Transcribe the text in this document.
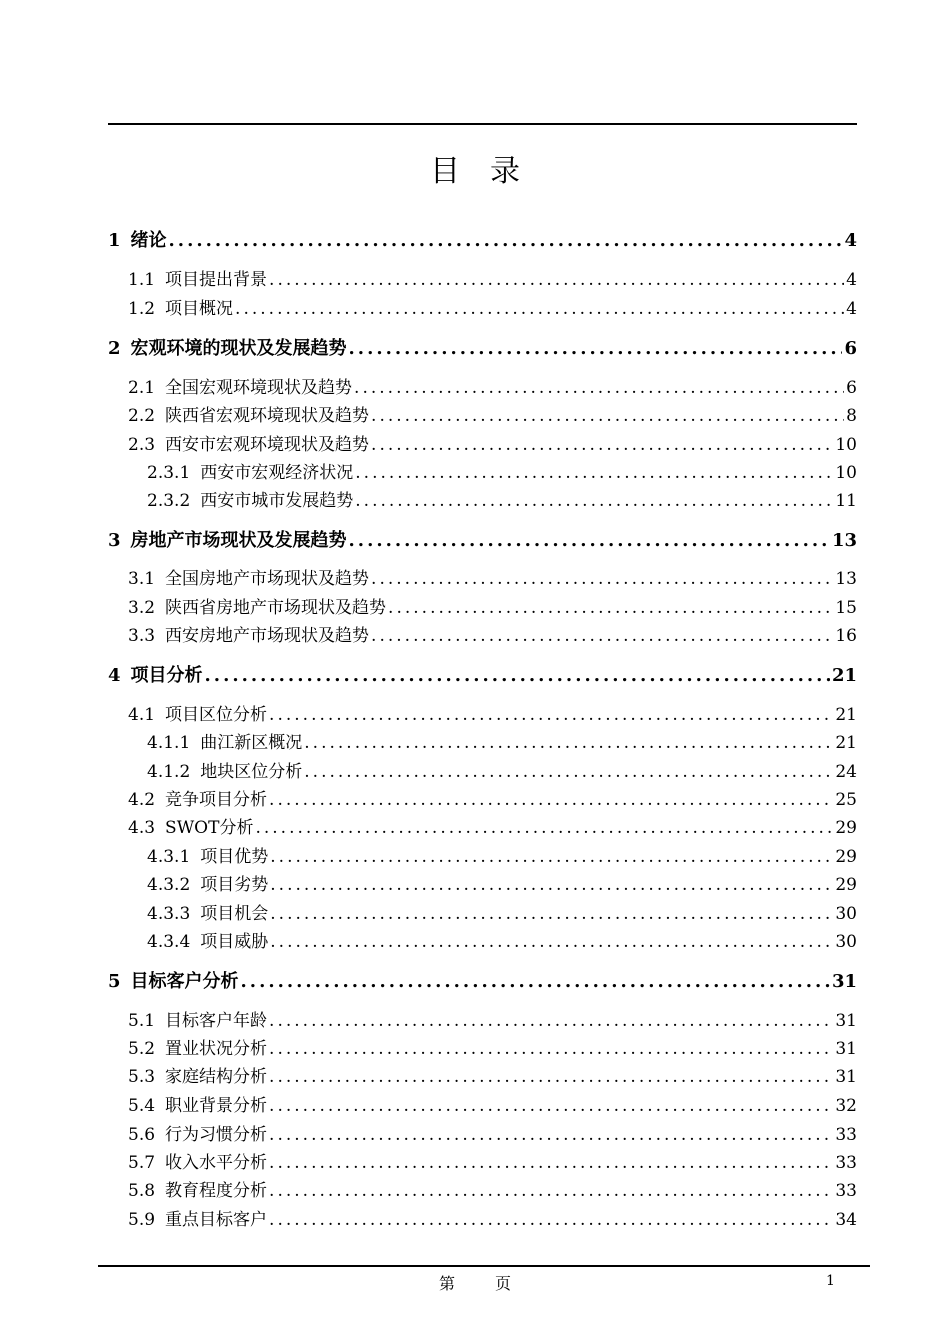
目录
1 绪论 .....	4
1.1 项目提出背景 .....	4
1.2 项目概况 .....	4
2 宏观环境的现状及发展趋势 .....	6
2.1 全国宏观环境现状及趋势 .....	6
2.2 陕西省宏观环境现状及趋势 .....	8
2.3 西安市宏观环境现状及趋势 .....	10
2.3.1 西安市宏观经济状况 .....	10
2.3.2 西安市城市发展趋势 .....	11
3 房地产市场现状及发展趋势 .....	13
3.1 全国房地产市场现状及趋势 .....	13
3.2 陕西省房地产市场现状及趋势 .....	15
3.3 西安房地产市场现状及趋势 .....	16
4 项目分析 .....	21
4.1 项目区位分析 .....	21
4.1.1 曲江新区概况 .....	21
4.1.2 地块区位分析 .....	24
4.2 竞争项目分析 .....	25
4.3 SWOT分析 .....	29
4.3.1 项目优势 .....	29
4.3.2 项目劣势 .....	29
4.3.3 项目机会 .....	30
4.3.4 项目威胁 .....	30
5 目标客户分析 .....	31
5.1 目标客户年龄 .....	31
5.2 置业状况分析 .....	31
5.3 家庭结构分析 .....	31
5.4 职业背景分析 .....	32
5.6 行为习惯分析 .....	33
5.7 收入水平分析 .....	33
5.8 教育程度分析 .....	33
5.9 重点目标客户 .....	34
第页	1
